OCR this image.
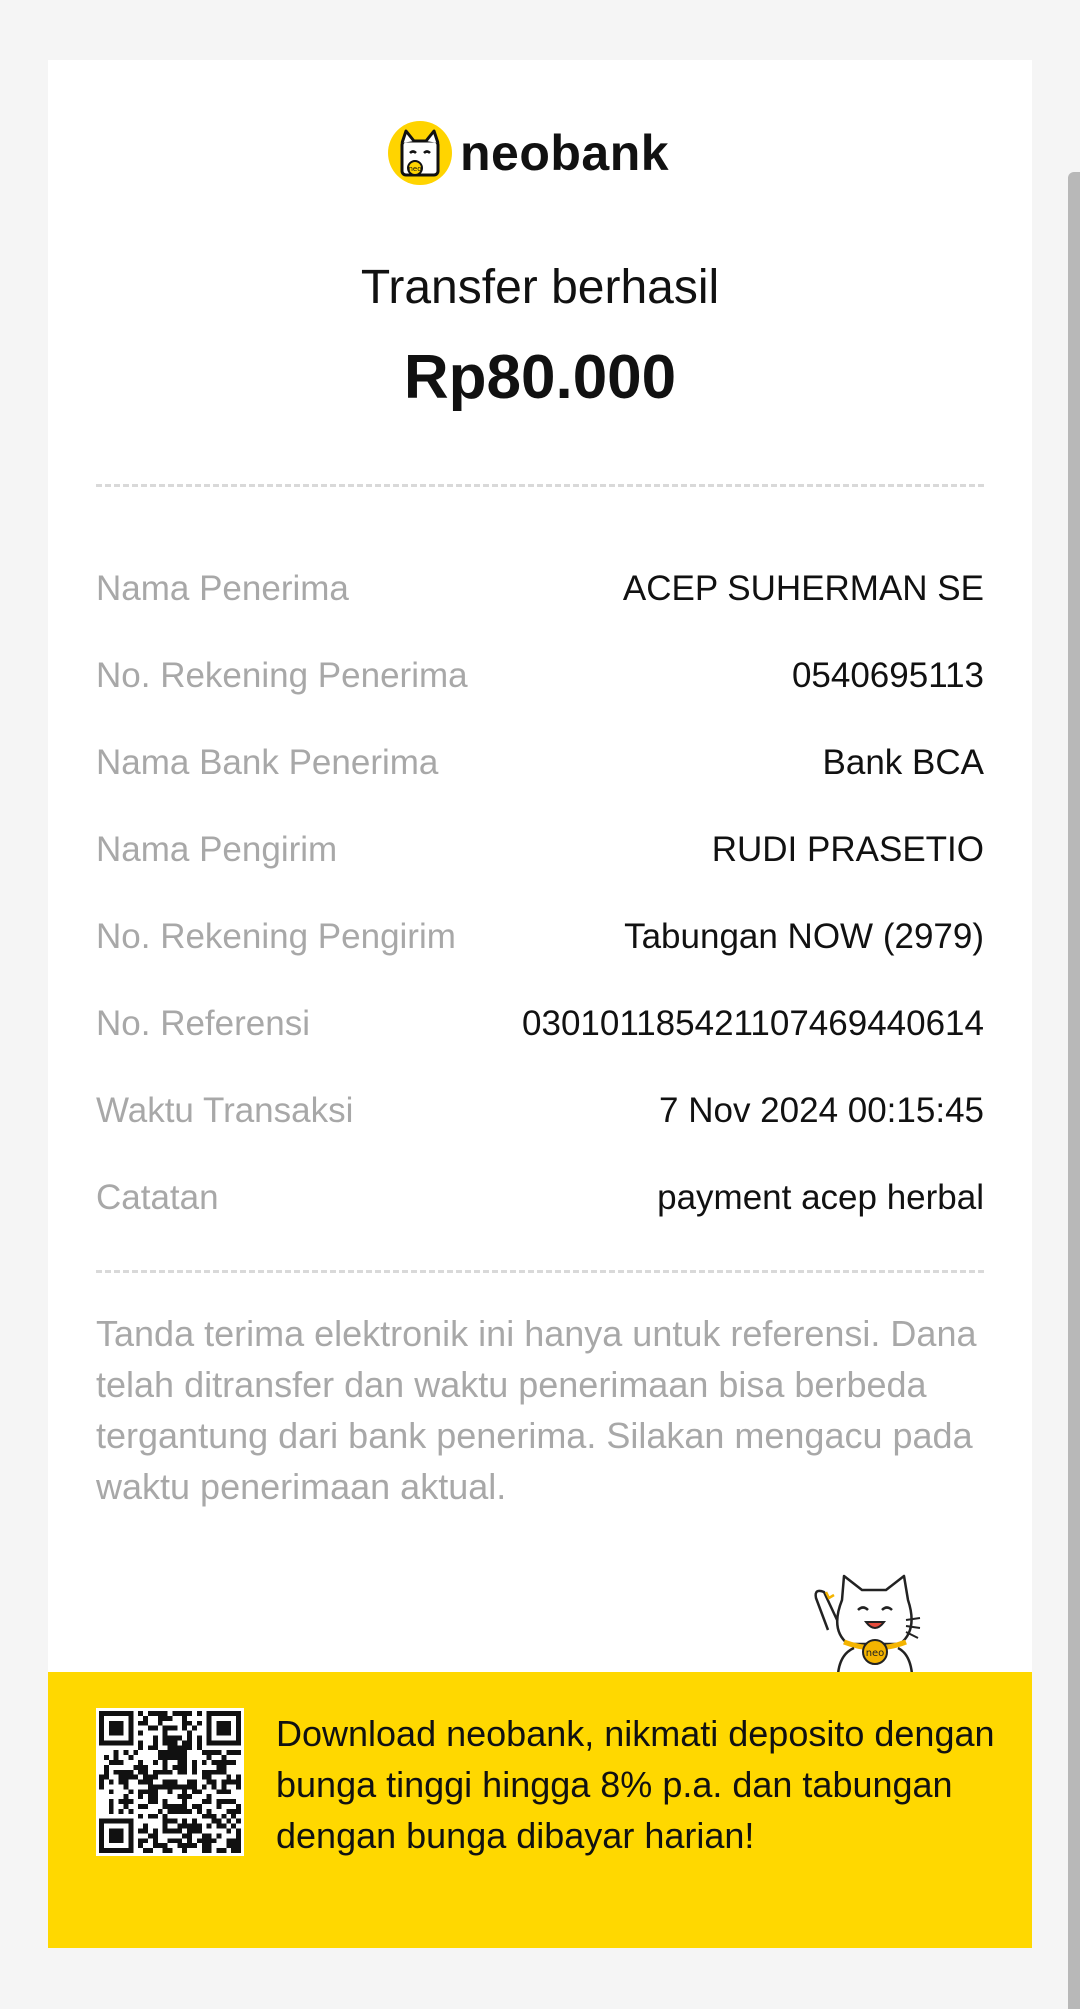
neo neobank
Transfer berhasil
Rp80.000
Nama Penerima	ACEP SUHERMAN SE
No. Rekening Penerima	0540695113
Nama Bank Penerima	Bank BCA
Nama Pengirim	RUDI PRASETIO
No. Rekening Pengirim	Tabungan NOW (2979)
No. Referensi	030101185421107469440614
Waktu Transaksi	7 Nov 2024 00:15:45
Catatan	payment acep herbal
Tanda terima elektronik ini hanya untuk referensi. Dana telah ditransfer dan waktu penerimaan bisa berbeda tergantung dari bank penerima. Silakan mengacu pada waktu penerimaan aktual.
neo
Download neobank, nikmati deposito dengan bunga tinggi hingga 8% p.a. dan tabungan dengan bunga dibayar harian!
